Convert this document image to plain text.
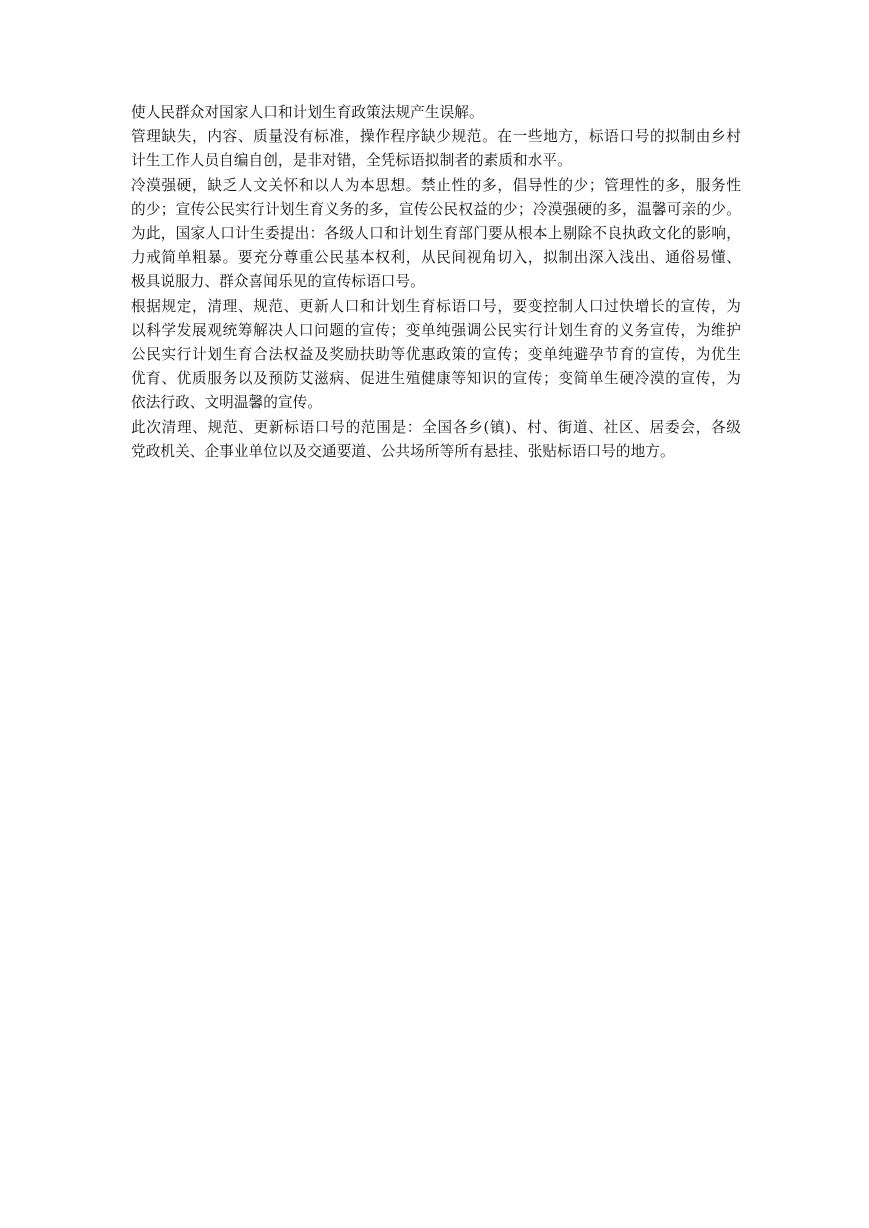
使人民群众对国家人口和计划生育政策法规产生误解。
管理缺失，内容、质量没有标准，操作程序缺少规范。在一些地方，标语口号的拟制由乡村
计生工作人员自编自创，是非对错，全凭标语拟制者的素质和水平。
冷漠强硬，缺乏人文关怀和以人为本思想。禁止性的多，倡导性的少；管理性的多，服务性
的少；宣传公民实行计划生育义务的多，宣传公民权益的少；冷漠强硬的多，温馨可亲的少。
为此，国家人口计生委提出：各级人口和计划生育部门要从根本上剔除不良执政文化的影响，
力戒简单粗暴。要充分尊重公民基本权利，从民间视角切入，拟制出深入浅出、通俗易懂、
极具说服力、群众喜闻乐见的宣传标语口号。
根据规定，清理、规范、更新人口和计划生育标语口号，要变控制人口过快增长的宣传，为
以科学发展观统筹解决人口问题的宣传；变单纯强调公民实行计划生育的义务宣传，为维护
公民实行计划生育合法权益及奖励扶助等优惠政策的宣传；变单纯避孕节育的宣传，为优生
优育、优质服务以及预防艾滋病、促进生殖健康等知识的宣传；变简单生硬冷漠的宣传，为
依法行政、文明温馨的宣传。
此次清理、规范、更新标语口号的范围是：全国各乡(镇)、村、街道、社区、居委会，各级
党政机关、企事业单位以及交通要道、公共场所等所有悬挂、张贴标语口号的地方。
